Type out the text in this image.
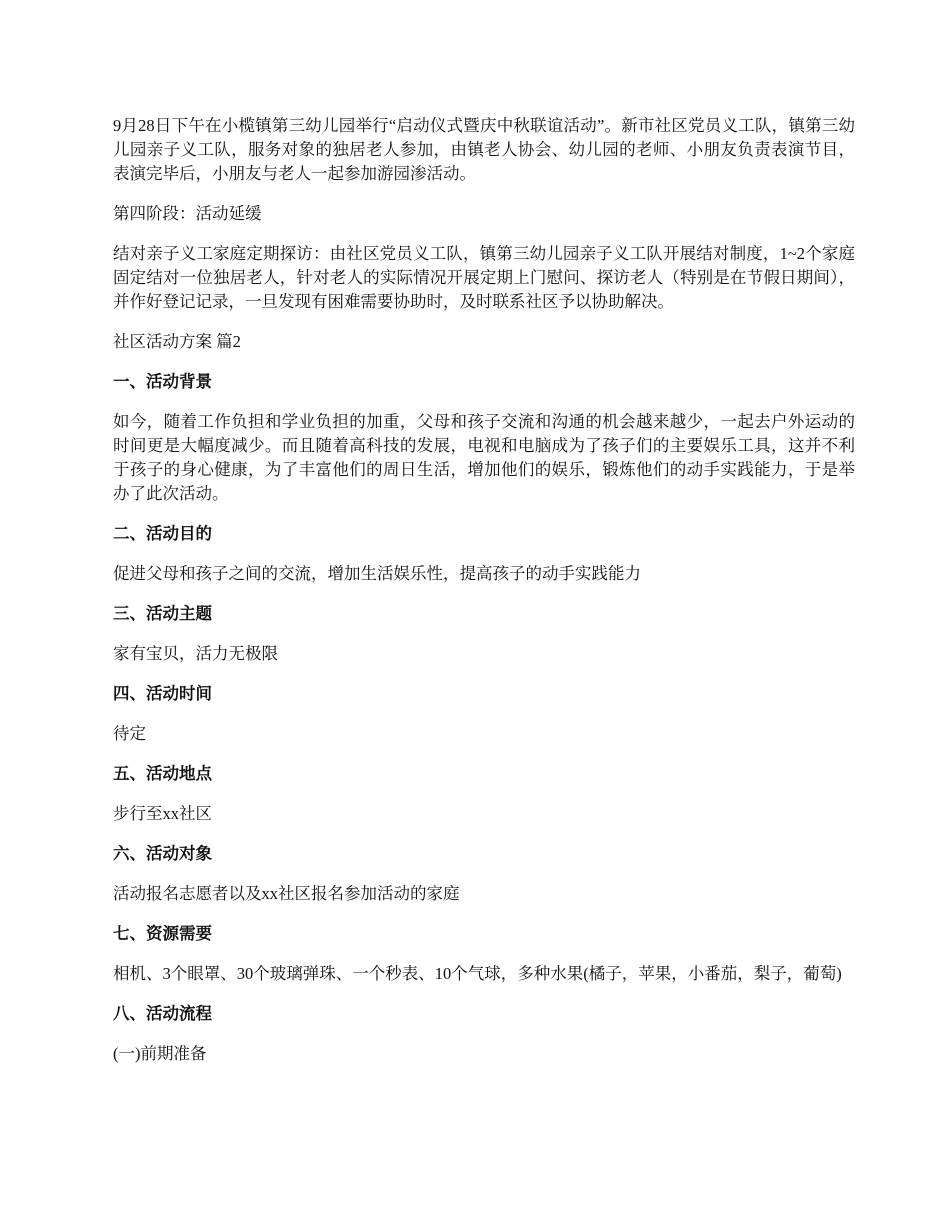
9月28日下午在小榄镇第三幼儿园举行“启动仪式暨庆中秋联谊活动”。新市社区党员义工队，镇第三幼儿园亲子义工队，服务对象的独居老人参加，由镇老人协会、幼儿园的老师、小朋友负责表演节目，表演完毕后，小朋友与老人一起参加游园渗活动。

第四阶段：活动延缓

结对亲子义工家庭定期探访：由社区党员义工队，镇第三幼儿园亲子义工队开展结对制度，1~2个家庭固定结对一位独居老人，针对老人的实际情况开展定期上门慰问、探访老人（特别是在节假日期间），并作好登记记录，一旦发现有困难需要协助时，及时联系社区予以协助解决。

社区活动方案 篇2

一、活动背景

如今，随着工作负担和学业负担的加重，父母和孩子交流和沟通的机会越来越少，一起去户外运动的时间更是大幅度减少。而且随着高科技的发展，电视和电脑成为了孩子们的主要娱乐工具，这并不利于孩子的身心健康，为了丰富他们的周日生活，增加他们的娱乐，锻炼他们的动手实践能力，于是举办了此次活动。

二、活动目的

促进父母和孩子之间的交流，增加生活娱乐性，提高孩子的动手实践能力

三、活动主题

家有宝贝，活力无极限

四、活动时间

待定

五、活动地点

步行至xx社区

六、活动对象

活动报名志愿者以及xx社区报名参加活动的家庭

七、资源需要

相机、3个眼罩、30个玻璃弹珠、一个秒表、10个气球，多种水果(橘子，苹果，小番茄，梨子，葡萄)

八、活动流程

(一)前期准备
